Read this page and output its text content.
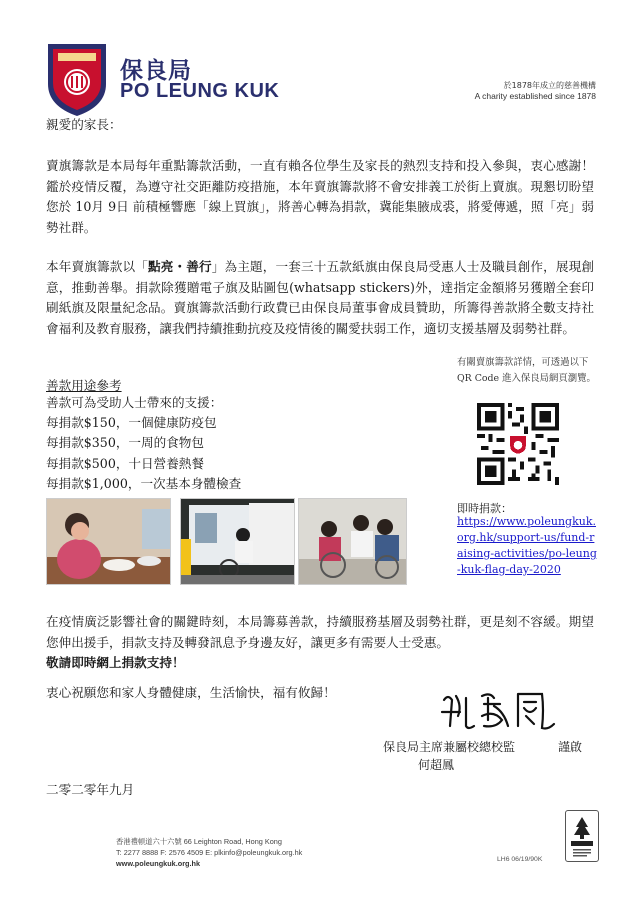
保良局
PO LEUNG KUK	於1878年成立的慈善機構
A charity established since 1878
親愛的家長：
賣旗籌款是本局每年重點籌款活動，一直有賴各位學生及家長的熱烈支持和投入參與，衷心感謝！鑑於疫情反覆，為遵守社交距離防疫措施，本年賣旗籌款將不會安排義工於街上賣旗。現懇切盼望您於 10月 9日 前積極響應「線上買旗」，將善心轉為捐款，冀能集腋成裘，將愛傳遞，照「亮」弱勢社群。
本年賣旗籌款以「點亮・善行」為主題，一套三十五款紙旗由保良局受惠人士及職員創作，展現創意，推動善舉。捐款除獲贈電子旗及貼圖包(whatsapp stickers)外，達指定金額將另獲贈全套印刷紙旗及限量紀念品。賣旗籌款活動行政費已由保良局董事會成員贊助，所籌得善款將全數支持社會福利及教育服務，讓我們持續推動抗疫及疫情後的關愛扶弱工作，適切支援基層及弱勢社群。
有關賣旗籌款詳情，可透過以下 QR Code 進入保良局網頁瀏覽。
即時捐款：
https://www.poleungkuk.org.hk/support-us/fund-raising-activities/po-leung-kuk-flag-day-2020
善款用途參考
善款可為受助人士帶來的支援：
每捐款$150，一個健康防疫包
每捐款$350，一周的食物包
每捐款$500，十日營養熱餐
每捐款$1,000，一次基本身體檢查
在疫情廣泛影響社會的關鍵時刻，本局籌募善款，持續服務基層及弱勢社群，更是刻不容緩。期望您伸出援手，捐款支持及轉發訊息予身邊友好，讓更多有需要人士受惠。
敬請即時網上捐款支持！
衷心祝願您和家人身體健康，生活愉快，福有攸歸！
保良局主席兼屬校總校監
何超鳳
謹啟
二零二零年九月
香港禮頓道六十六號 66 Leighton Road, Hong Kong
T: 2277 8888 F: 2576 4509 E: plkinfo@poleungkuk.org.hk
www.poleungkuk.org.hk	LH6 06/19/90K
